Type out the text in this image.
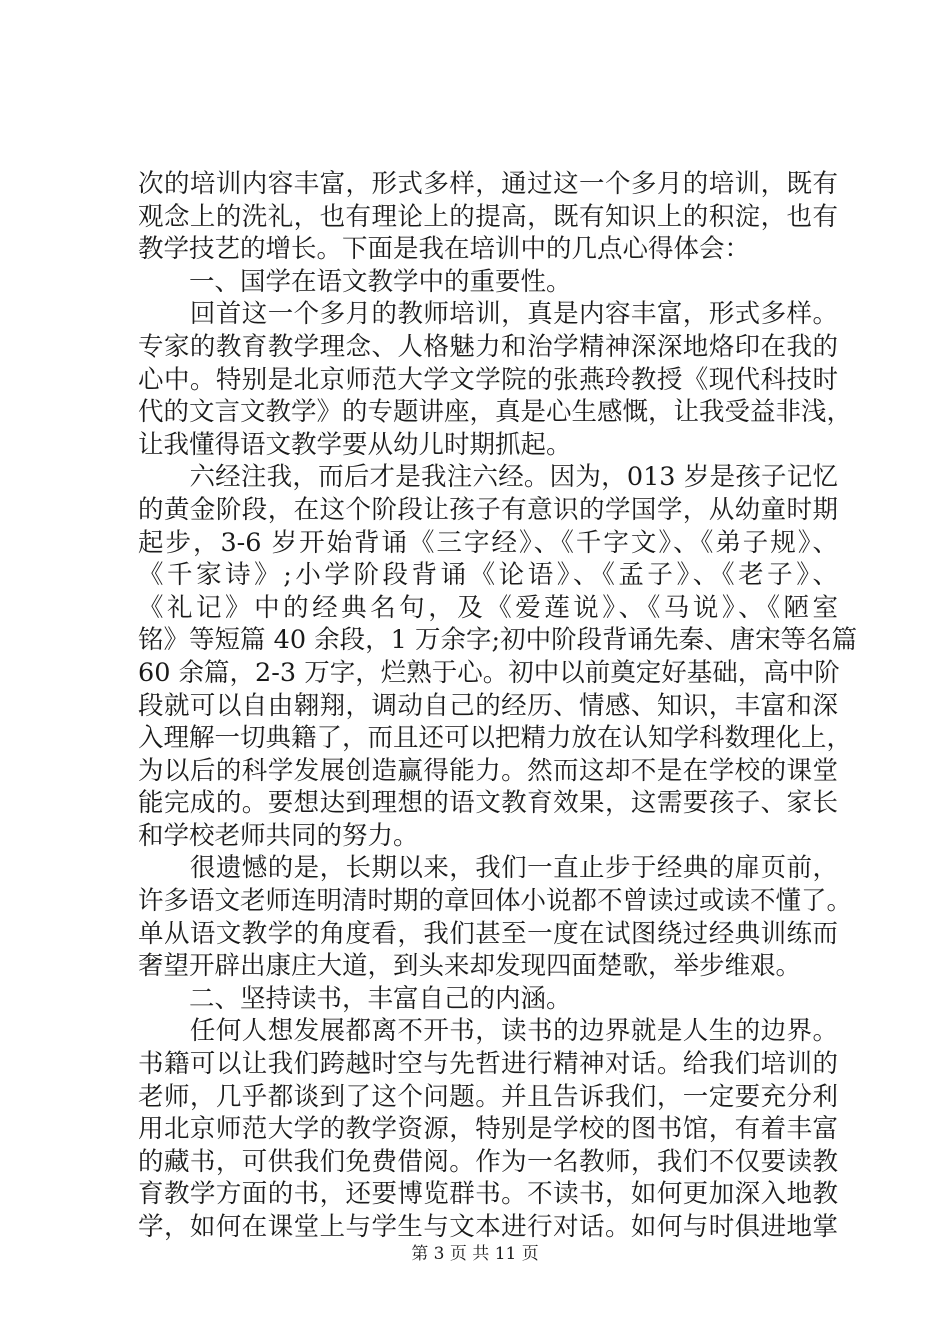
次的培训内容丰富，形式多样，通过这一个多月的培训，既有
观念上的洗礼，也有理论上的提高，既有知识上的积淀，也有
教学技艺的增长。下面是我在培训中的几点心得体会：
　　一、国学在语文教学中的重要性。
　　回首这一个多月的教师培训，真是内容丰富，形式多样。
专家的教育教学理念、人格魅力和治学精神深深地烙印在我的
心中。特别是北京师范大学文学院的张燕玲教授《现代科技时
代的文言文教学》的专题讲座，真是心生感慨，让我受益非浅，
让我懂得语文教学要从幼儿时期抓起。
　　六经注我，而后才是我注六经。因为，013 岁是孩子记忆
的黄金阶段，在这个阶段让孩子有意识的学国学，从幼童时期
起步，3-6 岁开始背诵《三字经》、《千字文》、《弟子规》、
《千家诗》;小学阶段背诵《论语》、《孟子》、《老子》、
《礼记》中的经典名句，及《爱莲说》、《马说》、《陋室
铭》等短篇 40 余段，1 万余字;初中阶段背诵先秦、唐宋等名篇
60 余篇，2-3 万字，烂熟于心。初中以前奠定好基础，高中阶
段就可以自由翱翔，调动自己的经历、情感、知识，丰富和深
入理解一切典籍了，而且还可以把精力放在认知学科数理化上，
为以后的科学发展创造赢得能力。然而这却不是在学校的课堂
能完成的。要想达到理想的语文教育效果，这需要孩子、家长
和学校老师共同的努力。
　　很遗憾的是，长期以来，我们一直止步于经典的扉页前，
许多语文老师连明清时期的章回体小说都不曾读过或读不懂了。
单从语文教学的角度看，我们甚至一度在试图绕过经典训练而
奢望开辟出康庄大道，到头来却发现四面楚歌，举步维艰。
　　二、坚持读书，丰富自己的内涵。
　　任何人想发展都离不开书，读书的边界就是人生的边界。
书籍可以让我们跨越时空与先哲进行精神对话。给我们培训的
老师，几乎都谈到了这个问题。并且告诉我们，一定要充分利
用北京师范大学的教学资源，特别是学校的图书馆，有着丰富
的藏书，可供我们免费借阅。作为一名教师，我们不仅要读教
育教学方面的书，还要博览群书。不读书，如何更加深入地教
学，如何在课堂上与学生与文本进行对话。如何与时俱进地掌
第 3 页 共 11 页
